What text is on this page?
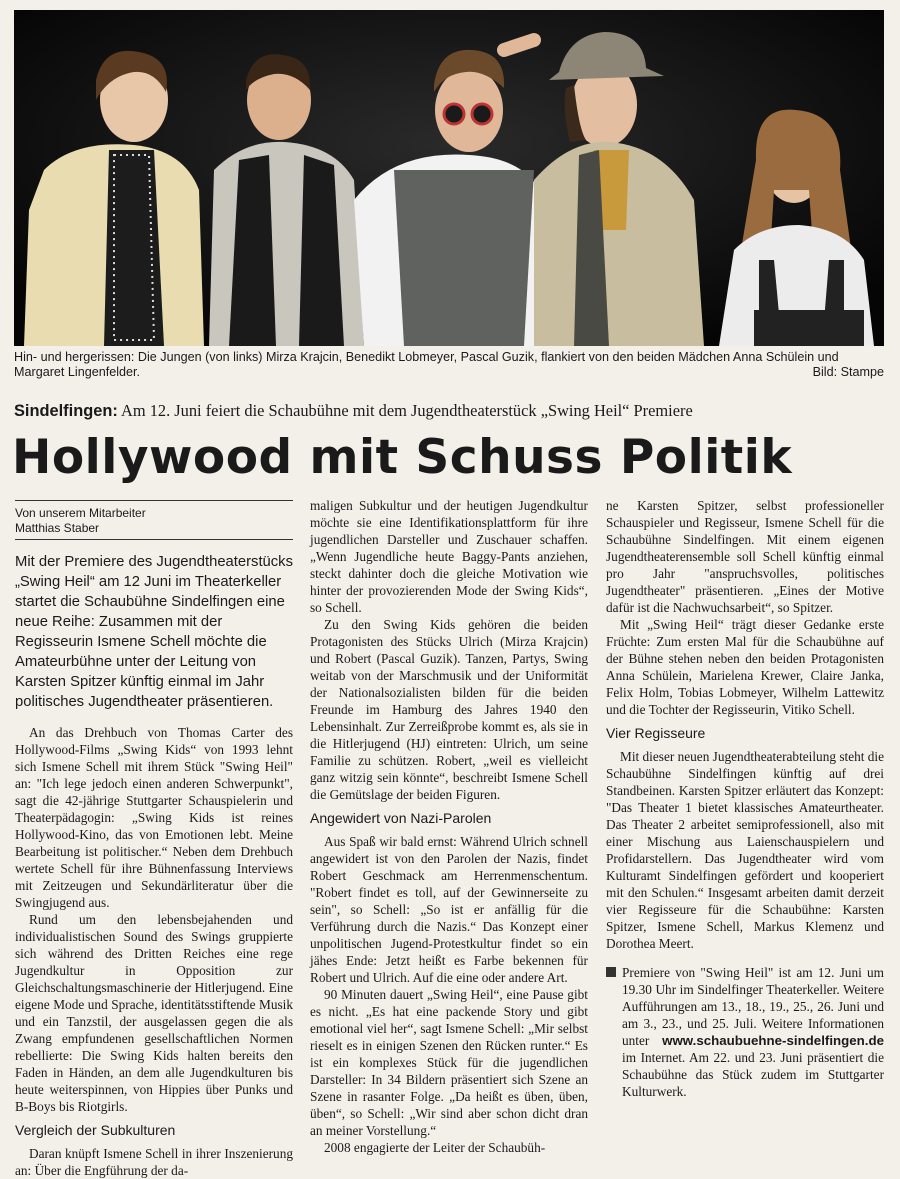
Hin- und hergerissen: Die Jungen (von links) Mirza Krajcin, Benedikt Lobmeyer, Pascal Guzik, flankiert von den beiden Mädchen Anna Schülein und Margaret Lingenfelder.	Bild: Stampe
Sindelfingen: Am 12. Juni feiert die Schaubühne mit dem Jugendtheaterstück „Swing Heil“ Premiere
Hollywood mit Schuss Politik
Von unserem Mitarbeiter
Matthias Staber
Mit der Premiere des Jugendtheaterstücks „Swing Heil“ am 12 Juni im Theaterkeller startet die Schaubühne Sindelfingen eine neue Reihe: Zusammen mit der Regisseurin Ismene Schell möchte die Amateurbühne unter der Leitung von Karsten Spitzer künftig einmal im Jahr politisches Jugendtheater präsentieren.

An das Drehbuch von Thomas Carter des Hollywood-Films „Swing Kids“ von 1993 lehnt sich Ismene Schell mit ihrem Stück "Swing Heil" an: "Ich lege jedoch einen anderen Schwerpunkt", sagt die 42-jährige Stuttgarter Schauspielerin und Theaterpädagogin: „Swing Kids ist reines Hollywood-Kino, das von Emotionen lebt. Meine Bearbeitung ist politischer.“ Neben dem Drehbuch wertete Schell für ihre Bühnenfassung Interviews mit Zeitzeugen und Sekundärliteratur über die Swingjugend aus.

Rund um den lebensbejahenden und individualistischen Sound des Swings gruppierte sich während des Dritten Reiches eine rege Jugendkultur in Opposition zur Gleichschaltungsmaschinerie der Hitlerjugend. Eine eigene Mode und Sprache, identitätsstiftende Musik und ein Tanzstil, der ausgelassen gegen die als Zwang empfundenen gesellschaftlichen Normen rebellierte: Die Swing Kids halten bereits den Faden in Händen, an dem alle Jugendkulturen bis heute weiterspinnen, von Hippies über Punks und B-Boys bis Riotgirls.

Vergleich der Subkulturen

Daran knüpft Ismene Schell in ihrer Inszenierung an: Über die Engführung der da-

maligen Subkultur und der heutigen Jugendkultur möchte sie eine Identifikationsplattform für ihre jugendlichen Darsteller und Zuschauer schaffen. „Wenn Jugendliche heute Baggy-Pants anziehen, steckt dahinter doch die gleiche Motivation wie hinter der provozierenden Mode der Swing Kids“, so Schell.

Zu den Swing Kids gehören die beiden Protagonisten des Stücks Ulrich (Mirza Krajcin) und Robert (Pascal Guzik). Tanzen, Partys, Swing weitab von der Marschmusik und der Uniformität der Nationalsozialisten bilden für die beiden Freunde im Hamburg des Jahres 1940 den Lebensinhalt. Zur Zerreißprobe kommt es, als sie in die Hitlerjugend (HJ) eintreten: Ulrich, um seine Familie zu schützen. Robert, „weil es vielleicht ganz witzig sein könnte“, beschreibt Ismene Schell die Gemütslage der beiden Figuren.

Angewidert von Nazi-Parolen

Aus Spaß wir bald ernst: Während Ulrich schnell angewidert ist von den Parolen der Nazis, findet Robert Geschmack am Herrenmenschentum. "Robert findet es toll, auf der Gewinnerseite zu sein", so Schell: „So ist er anfällig für die Verführung durch die Nazis.“ Das Konzept einer unpolitischen Jugend-Protestkultur findet so ein jähes Ende: Jetzt heißt es Farbe bekennen für Robert und Ulrich. Auf die eine oder andere Art.

90 Minuten dauert „Swing Heil“, eine Pause gibt es nicht. „Es hat eine packende Story und gibt emotional viel her“, sagt Ismene Schell: „Mir selbst rieselt es in einigen Szenen den Rücken runter.“ Es ist ein komplexes Stück für die jugendlichen Darsteller: In 34 Bildern präsentiert sich Szene an Szene in rasanter Folge. „Da heißt es üben, üben, üben“, so Schell: „Wir sind aber schon dicht dran an meiner Vorstellung.“

2008 engagierte der Leiter der Schaubüh-

ne Karsten Spitzer, selbst professioneller Schauspieler und Regisseur, Ismene Schell für die Schaubühne Sindelfingen. Mit einem eigenen Jugendtheaterensemble soll Schell künftig einmal pro Jahr "anspruchsvolles, politisches Jugendtheater" präsentieren. „Eines der Motive dafür ist die Nachwuchsarbeit“, so Spitzer.

Mit „Swing Heil“ trägt dieser Gedanke erste Früchte: Zum ersten Mal für die Schaubühne auf der Bühne stehen neben den beiden Protagonisten Anna Schülein, Marielena Krewer, Claire Janka, Felix Holm, Tobias Lobmeyer, Wilhelm Lattewitz und die Tochter der Regisseurin, Vitiko Schell.

Vier Regisseure

Mit dieser neuen Jugendtheaterabteilung steht die Schaubühne Sindelfingen künftig auf drei Standbeinen. Karsten Spitzer erläutert das Konzept: "Das Theater 1 bietet klassisches Amateurtheater. Das Theater 2 arbeitet semiprofessionell, also mit einer Mischung aus Laienschauspielern und Profidarstellern. Das Jugendtheater wird vom Kulturamt Sindelfingen gefördert und kooperiert mit den Schulen.“ Insgesamt arbeiten damit derzeit vier Regisseure für die Schaubühne: Karsten Spitzer, Ismene Schell, Markus Klemenz und Dorothea Meert.

Premiere von "Swing Heil" ist am 12. Juni um 19.30 Uhr im Sindelfinger Theaterkeller. Weitere Aufführungen am 13., 18., 19., 25., 26. Juni und am 3., 23., und 25. Juli. Weitere Informationen unter www.schaubuehne-sindelfingen.de im Internet. Am 22. und 23. Juni präsentiert die Schaubühne das Stück zudem im Stuttgarter Kulturwerk.
